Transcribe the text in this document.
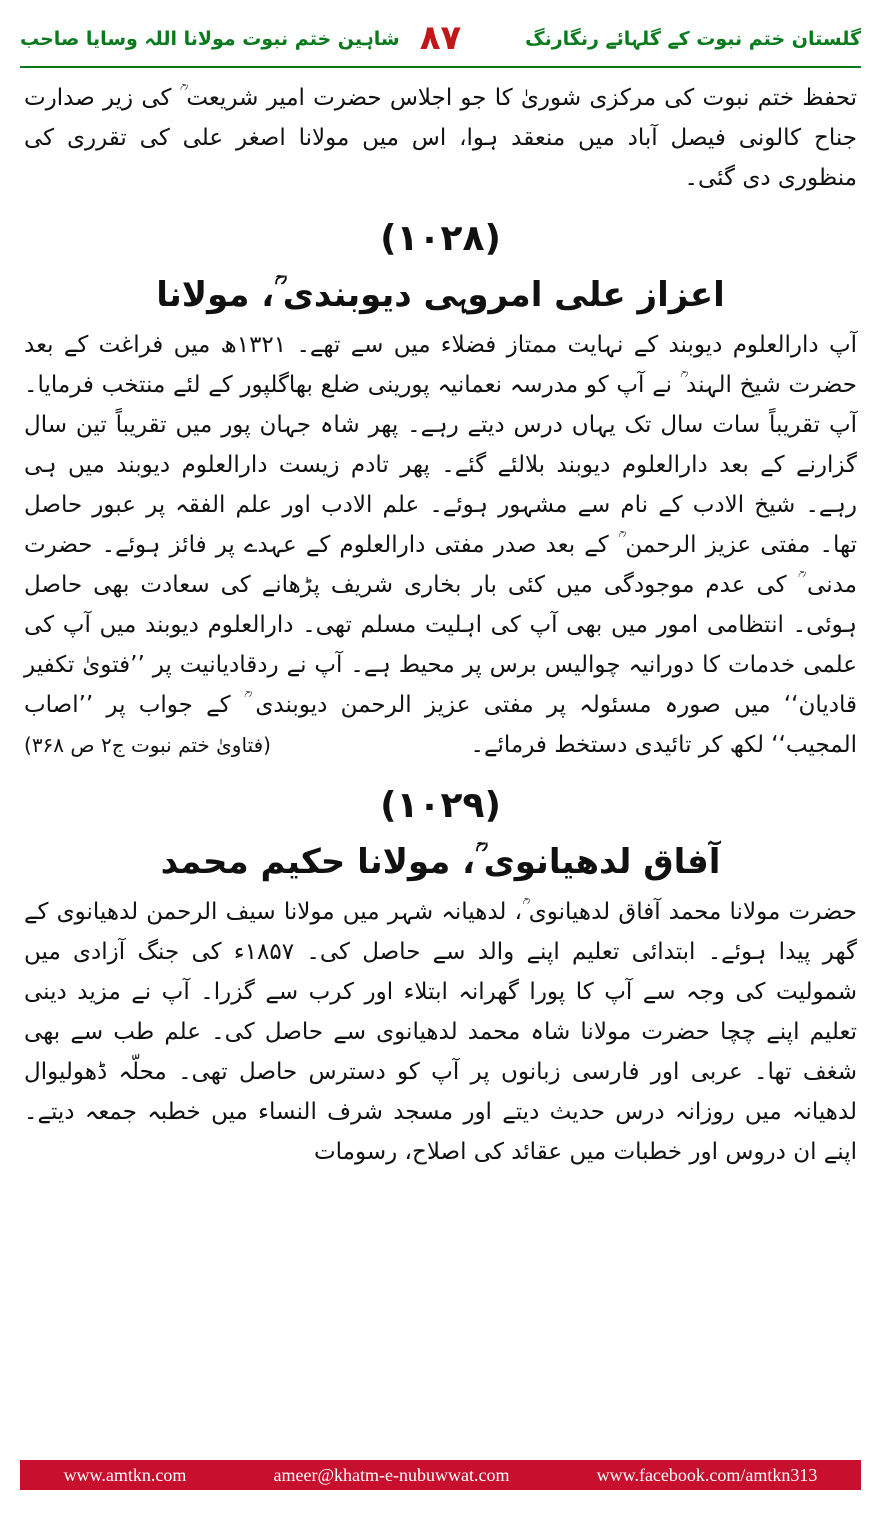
گلستان ختم نبوت کے گلہائے رنگارنگ
۸۷
شاہین ختم نبوت مولانا اللہ وسایا صاحب

تحفظ ختم نبوت کی مرکزی شوریٰ کا جو اجلاس حضرت امیر شریعت ؒ کی زیر صدارت جناح کالونی فیصل آباد میں منعقد ہوا، اس میں مولانا اصغر علی کی تقرری کی منظوری دی گئی۔

(۱۰۲۸)
اعزاز علی امروہی دیوبندی ؒ، مولانا

آپ دارالعلوم دیوبند کے نہایت ممتاز فضلاء میں سے تھے۔ ۱۳۲۱ھ میں فراغت کے بعد حضرت شیخ الہند ؒ نے آپ کو مدرسہ نعمانیہ پورینی ضلع بھاگلپور کے لئے منتخب فرمایا۔ آپ تقریباً سات سال تک یہاں درس دیتے رہے۔ پھر شاہ جہان پور میں تقریباً تین سال گزارنے کے بعد دارالعلوم دیوبند بلالئے گئے۔ پھر تادم زیست دارالعلوم دیوبند میں ہی رہے۔ شیخ الادب کے نام سے مشہور ہوئے۔ علم الادب اور علم الفقہ پر عبور حاصل تھا۔ مفتی عزیز الرحمن ؒ کے بعد صدر مفتی دارالعلوم کے عہدے پر فائز ہوئے۔ حضرت مدنی ؒ کی عدم موجودگی میں کئی بار بخاری شریف پڑھانے کی سعادت بھی حاصل ہوئی۔ انتظامی امور میں بھی آپ کی اہلیت مسلم تھی۔ دارالعلوم دیوبند میں آپ کی علمی خدمات کا دورانیہ چوالیس برس پر محیط ہے۔ آپ نے ردقادیانیت پر ’’فتویٰ تکفیر قادیان‘‘ میں صورہ مسئولہ پر مفتی عزیز الرحمن دیوبندی ؒ کے جواب پر ’’اصاب المجیب‘‘ لکھ کر تائیدی دستخط فرمائے۔
(فتاویٰ ختم نبوت ج۲ ص ۳۶۸)

(۱۰۲۹)
آفاق لدھیانوی ؒ، مولانا حکیم محمد

حضرت مولانا محمد آفاق لدھیانوی ؒ، لدھیانہ شہر میں مولانا سیف الرحمن لدھیانوی کے گھر پیدا ہوئے۔ ابتدائی تعلیم اپنے والد سے حاصل کی۔ ۱۸۵۷ء کی جنگ آزادی میں شمولیت کی وجہ سے آپ کا پورا گھرانہ ابتلاء اور کرب سے گزرا۔ آپ نے مزید دینی تعلیم اپنے چچا حضرت مولانا شاہ محمد لدھیانوی سے حاصل کی۔ علم طب سے بھی شغف تھا۔ عربی اور فارسی زبانوں پر آپ کو دسترس حاصل تھی۔ محلّہ ڈھولیوال لدھیانہ میں روزانہ درس حدیث دیتے اور مسجد شرف النساء میں خطبہ جمعہ دیتے۔ اپنے ان دروس اور خطبات میں عقائد کی اصلاح، رسومات

www.amtkn.com	ameer@khatm-e-nubuwwat.com	www.facebook.com/amtkn313
